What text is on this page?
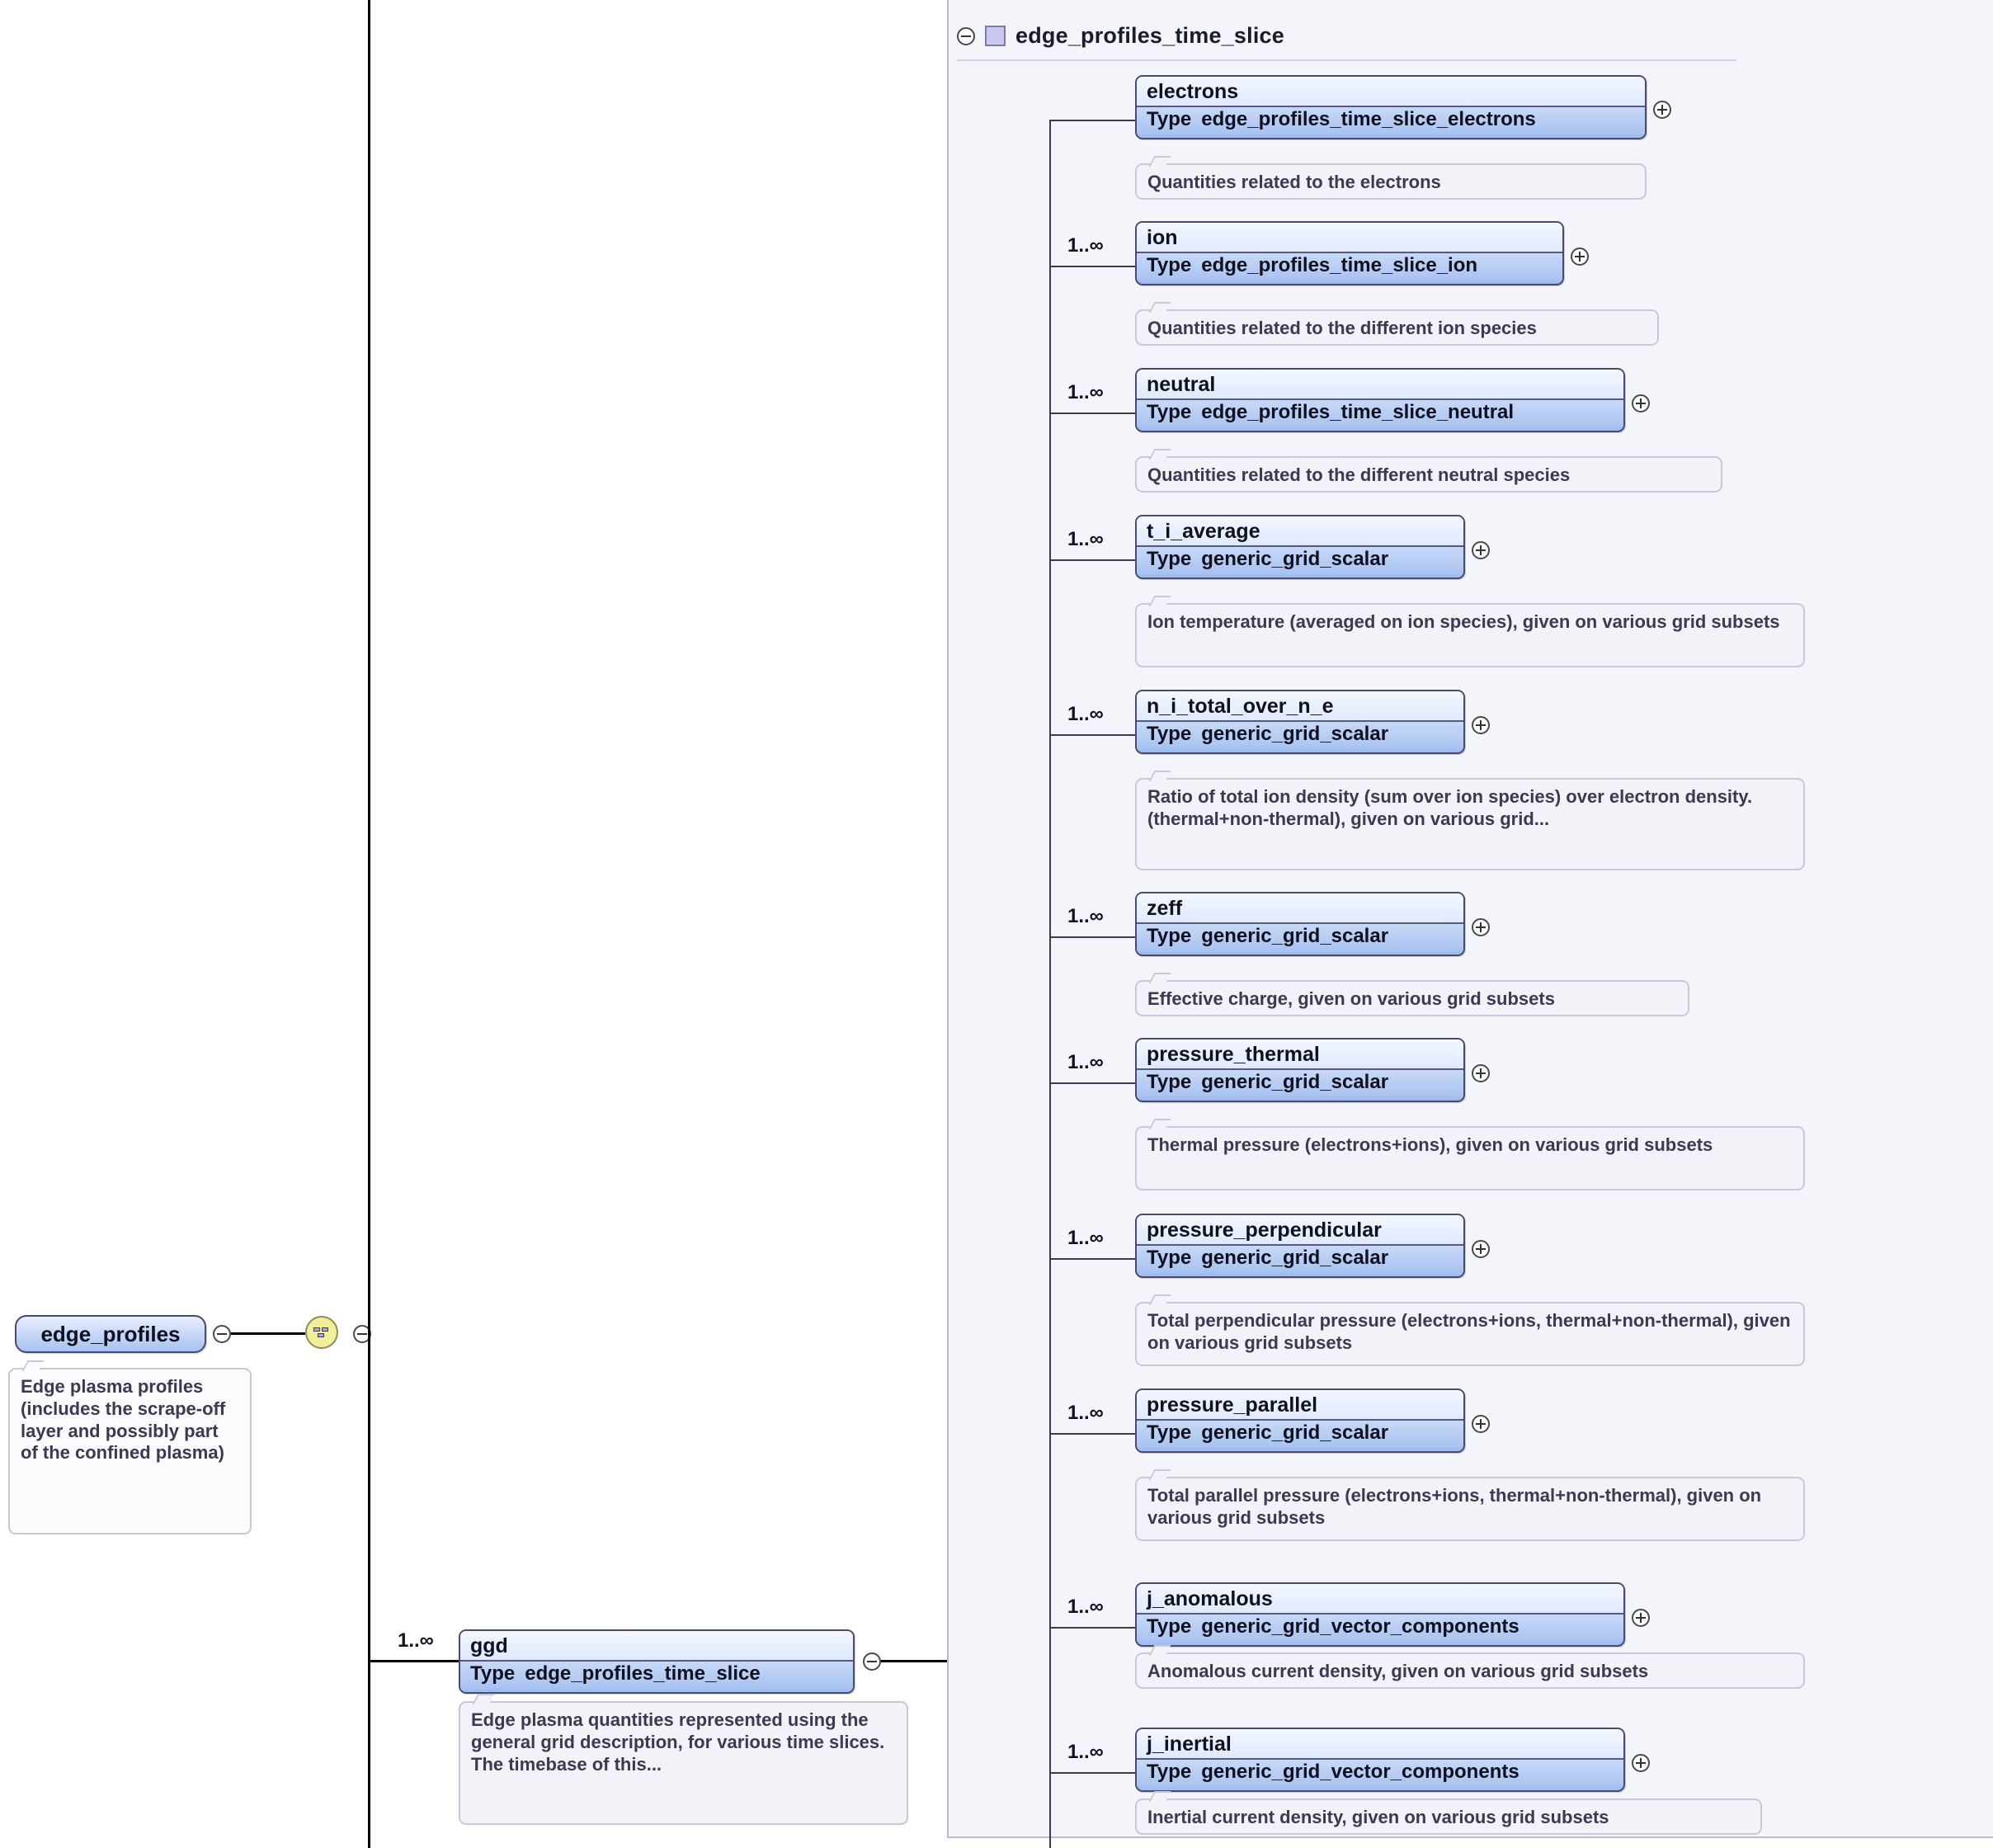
edge_profiles
Edge plasma profiles (includes the scrape-off layer and possibly part of the confined plasma)
1..∞	ggd
Type edge_profiles_time_slice
Edge plasma quantities represented using the general grid description, for various time slices. The timebase of this...
edge_profiles_time_slice
electrons
Type edge_profiles_time_slice_electrons
Quantities related to the electrons
1..∞	ion
Type edge_profiles_time_slice_ion
Quantities related to the different ion species
1..∞	neutral
Type edge_profiles_time_slice_neutral
Quantities related to the different neutral species
1..∞	t_i_average
Type generic_grid_scalar
Ion temperature (averaged on ion species), given on various grid subsets
1..∞	n_i_total_over_n_e
Type generic_grid_scalar
Ratio of total ion density (sum over ion species) over electron density. (thermal+non-thermal), given on various grid...
1..∞	zeff
Type generic_grid_scalar
Effective charge, given on various grid subsets
1..∞	pressure_thermal
Type generic_grid_scalar
Thermal pressure (electrons+ions), given on various grid subsets
1..∞	pressure_perpendicular
Type generic_grid_scalar
Total perpendicular pressure (electrons+ions, thermal+non-thermal), given on various grid subsets
1..∞	pressure_parallel
Type generic_grid_scalar
Total parallel pressure (electrons+ions, thermal+non-thermal), given on various grid subsets
1..∞	j_anomalous
Type generic_grid_vector_components
Anomalous current density, given on various grid subsets
1..∞	j_inertial
Type generic_grid_vector_components
Inertial current density, given on various grid subsets
